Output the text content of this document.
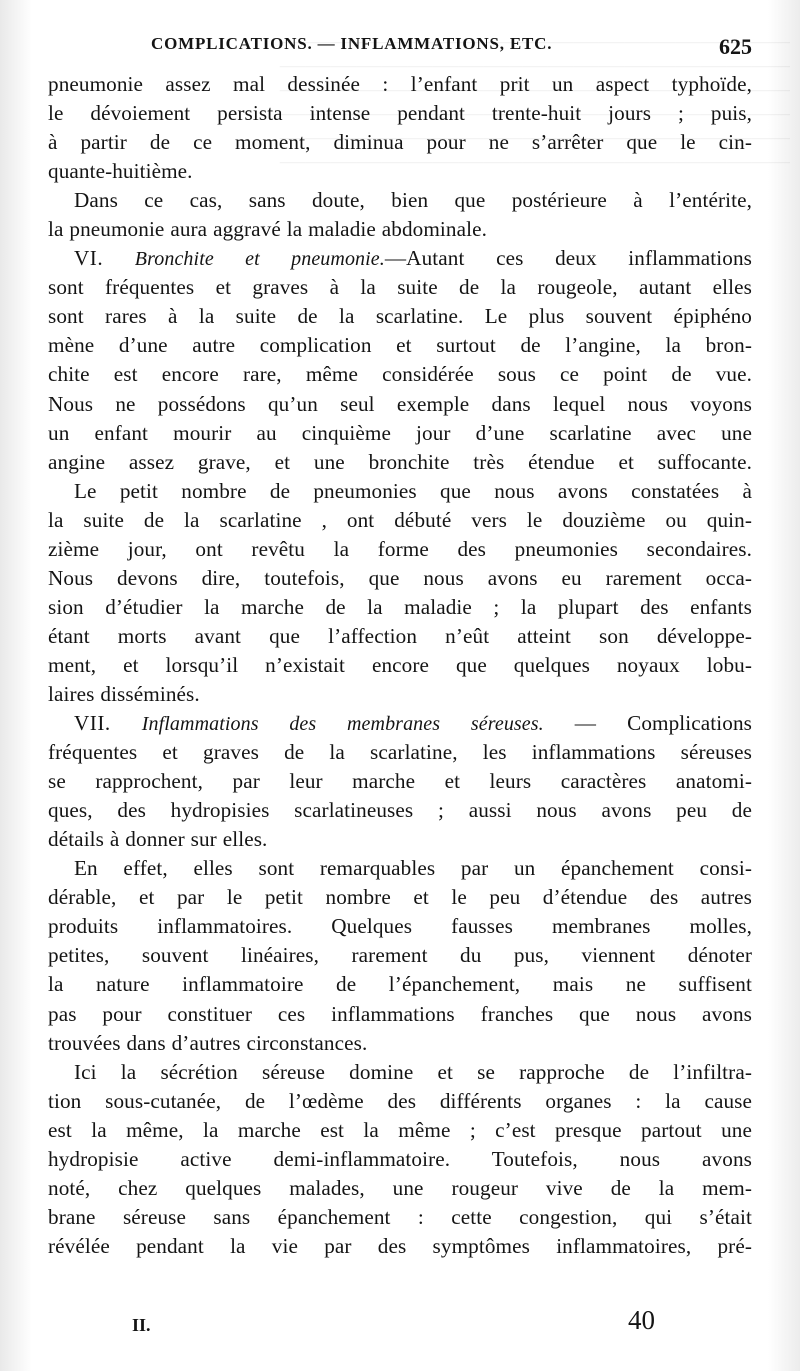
COMPLICATIONS. — INFLAMMATIONS, ETC.	625
pneumonie assez mal dessinée : l’enfant prit un aspect typhoïde,
le dévoiement persista intense pendant trente-huit jours ; puis,
à partir de ce moment, diminua pour ne s’arrêter que le cin-
quante-huitième.
Dans ce cas, sans doute, bien que postérieure à l’entérite,
la pneumonie aura aggravé la maladie abdominale.
VI. Bronchite et pneumonie.—Autant ces deux inflammations
sont fréquentes et graves à la suite de la rougeole, autant elles
sont rares à la suite de la scarlatine. Le plus souvent épiphéno
mène d’une autre complication et surtout de l’angine, la bron-
chite est encore rare, même considérée sous ce point de vue.
Nous ne possédons qu’un seul exemple dans lequel nous voyons
un enfant mourir au cinquième jour d’une scarlatine avec une
angine assez grave, et une bronchite très étendue et suffocante.
Le petit nombre de pneumonies que nous avons constatées à
la suite de la scarlatine , ont débuté vers le douzième ou quin-
zième jour, ont revêtu la forme des pneumonies secondaires.
Nous devons dire, toutefois, que nous avons eu rarement occa-
sion d’étudier la marche de la maladie ; la plupart des enfants
étant morts avant que l’affection n’eût atteint son développe-
ment, et lorsqu’il n’existait encore que quelques noyaux lobu-
laires disséminés.
VII. Inflammations des membranes séreuses. — Complications
fréquentes et graves de la scarlatine, les inflammations séreuses
se rapprochent, par leur marche et leurs caractères anatomi-
ques, des hydropisies scarlatineuses ; aussi nous avons peu de
détails à donner sur elles.
En effet, elles sont remarquables par un épanchement consi-
dérable, et par le petit nombre et le peu d’étendue des autres
produits inflammatoires. Quelques fausses membranes molles,
petites, souvent linéaires, rarement du pus, viennent dénoter
la nature inflammatoire de l’épanchement, mais ne suffisent
pas pour constituer ces inflammations franches que nous avons
trouvées dans d’autres circonstances.
Ici la sécrétion séreuse domine et se rapproche de l’infiltra-
tion sous-cutanée, de l’œdème des différents organes : la cause
est la même, la marche est la même ; c’est presque partout une
hydropisie active demi-inflammatoire. Toutefois, nous avons
noté, chez quelques malades, une rougeur vive de la mem-
brane séreuse sans épanchement : cette congestion, qui s’était
révélée pendant la vie par des symptômes inflammatoires, pré-
II.	40
